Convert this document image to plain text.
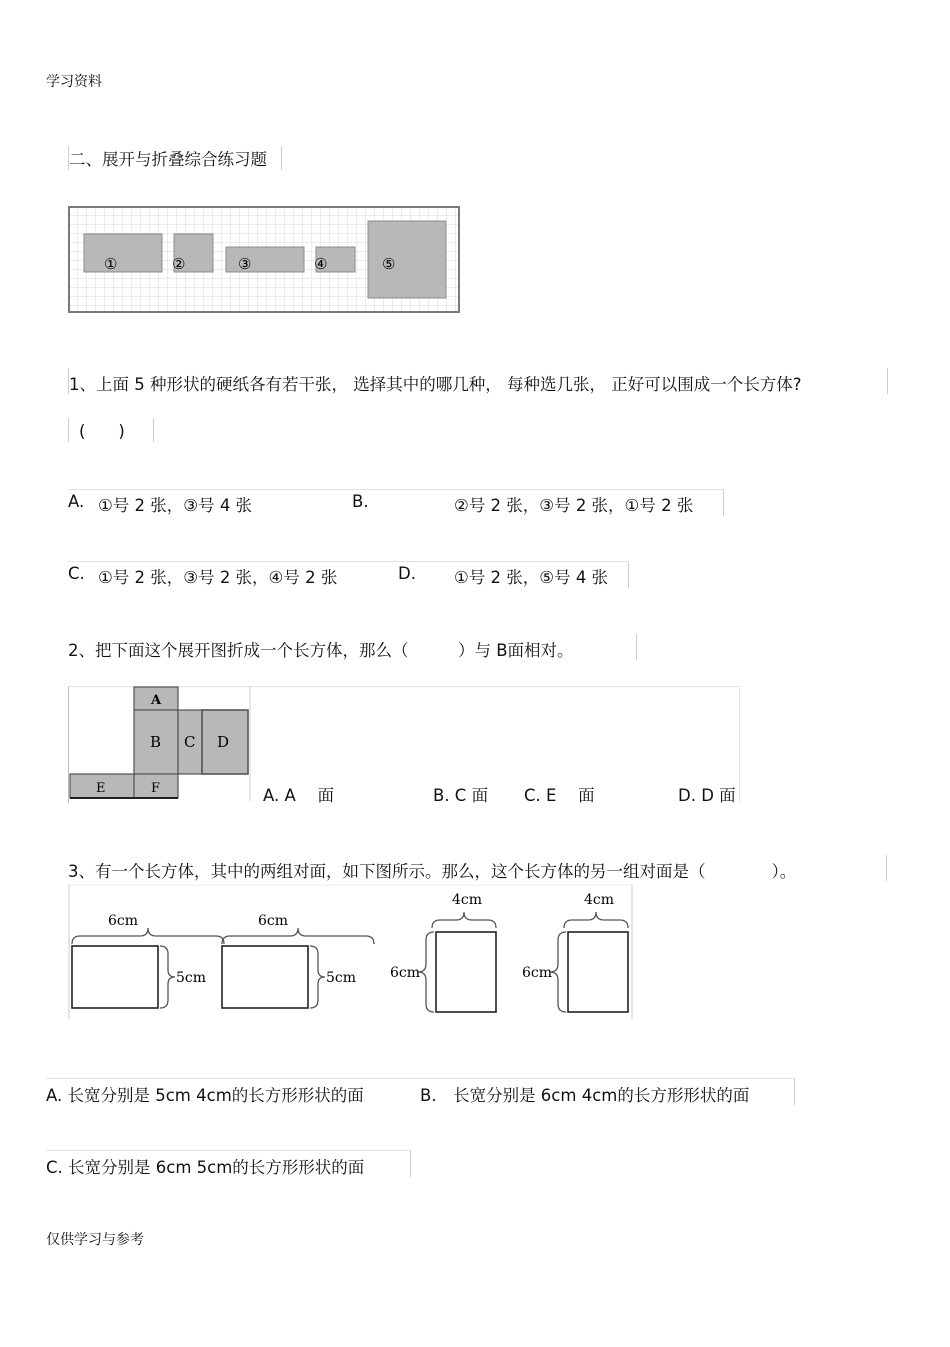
学习资料
二、展开与折叠综合练习题
①	②	③	④	⑤
1、上面 5 种形状的硬纸各有若干张， 选择其中的哪几种， 每种选几张， 正好可以围成一个长方体?
(　　)
A. ①号 2 张，③号 4 张	B.	②号 2 张，③号 2 张，①号 2 张
C. ①号 2 张，③号 2 张，④号 2 张	D. ①号 2 张，⑤号 4 张
2、把下面这个展开图折成一个长方体，那么（　　　）与 B面相对。
A
B C D
E	F	A. A　 面	B. C 面 C. E　 面	D. D 面
3、有一个长方体，其中的两组对面，如下图所示。那么，这个长方体的另一组对面是（　　　　）。
6cm	6cm
5cm
4cm
6cm
4cm
6cm
5cm
A. 长宽分别是 5cm 4cm的长方形形状的面	B.　长宽分别是 6cm 4cm的长方形形状的面
C. 长宽分别是 6cm 5cm的长方形形状的面
仅供学习与参考
